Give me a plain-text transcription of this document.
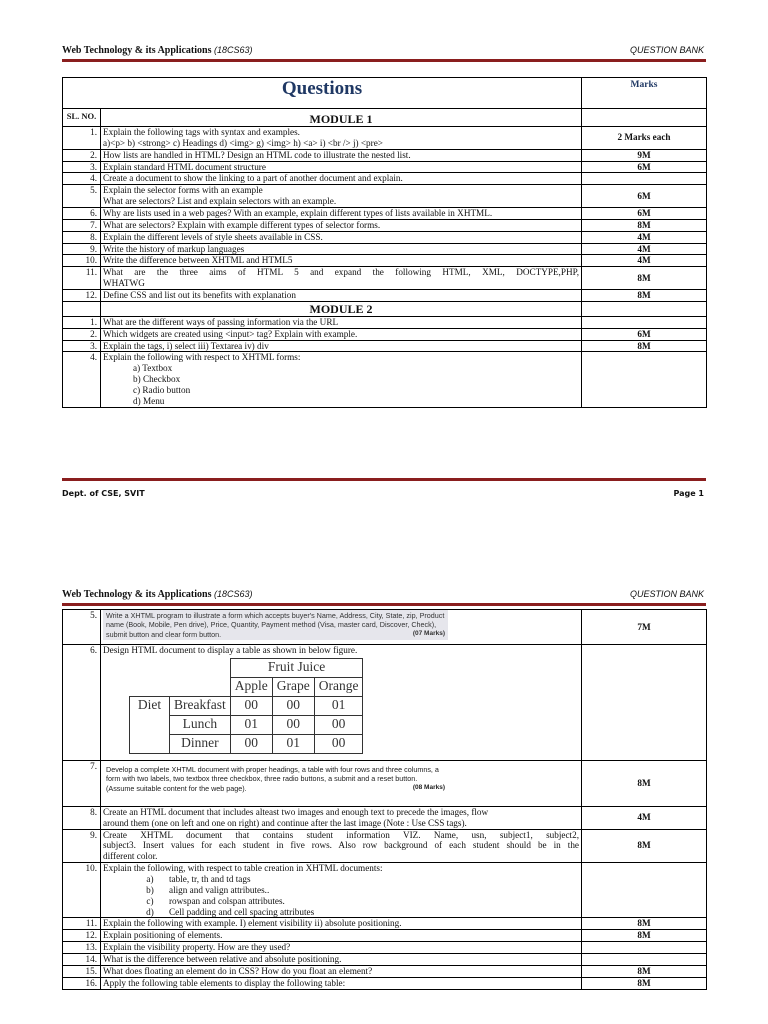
Web Technology & its Applications (18CS63)	QUESTION BANK
Questions		Marks
SL. NO.	MODULE 1	
1.	Explain the following tags with syntax and examples.
a)<p> b) <strong> c) Headings d) <img> g) <img> h) <a> i) <br /> j) <pre>	2 Marks each
2.	How lists are handled in HTML? Design an HTML code to illustrate the nested list.	9M
3.	Explain standard HTML document structure	6M
4.	Create a document to show the linking to a part of another document and explain.	

5.	Explain the selector forms with an example
What are selectors? List and explain selectors with an example.	6M
6.	Why are lists used in a web pages? With an example, explain different types of lists available in XHTML.	6M
7.	What are selectors? Explain with example different types of selector forms.	8M
8.	Explain the different levels of style sheets available in CSS.	4M
9.	Write the history of markup languages	4M
10.	Write the difference between XHTML and HTML5	4M
11.	What are the three aims of HTML 5 and expand the following HTML, XML, DOCTYPE,PHP,
WHATWG	8M
12.	Define CSS and list out its benefits with explanation	8M
	MODULE 2	
1.	What are the different ways of passing information via the URL	

2.	Which widgets are created using <input> tag? Explain with example.	6M
3.	Explain the tags, i) select iii) Textarea iv) div	8M
4.	Explain the following with respect to XHTML forms:
a) Textbox
b) Checkbox
c) Radio button
d) Menu	

Dept. of CSE, SVIT	Page 1
Web Technology & its Applications (18CS63)	QUESTION BANK
5.	Write a XHTML program to illustrate a form which accepts buyer's Name, Address, City, State, zip, Product name (Book, Mobile, Pen drive), Price, Quantity, Payment method (Visa, master card, Discover, Check), submit button and clear form button.	(07 Marks)
	7M
6.	Design HTML document to display a table as shown in below figure.
		Fruit Juice
		Apple	Grape	Orange
Diet	Breakfast	00	00	01
Lunch	01	00	00
Dinner	00	01	00

7.	Develop a complete XHTML document with proper headings, a table with four rows and three columns, a form with two labels, two textbox three checkbox, three radio buttons, a submit and a reset button. (Assume suitable content for the web page).	(08 Marks)	8M
8.	Create an HTML document that includes alteast two images and enough text to precede the images, flow
around them (one on left and one on right) and continue after the last image (Note : Use CSS tags).
	4M
9.	Create XHTML document that contains student information VIZ. Name, usn, subject1, subject2,
subject3. Insert values for each student in five rows. Also row background of each student should be in the
different color.
	8M
10.	Explain the following, with respect to table creation in XHTML documents:
a)	table, tr, th and td tags
b)	align and valign attributes..
c)	rowspan and colspan attributes.
d)	Cell padding and cell spacing attributes

11.	Explain the following with example. I) element visibility ii) absolute positioning.	8M
12.	Explain positioning of elements.	8M
13.	Explain the visibility property. How are they used?	
14.	What is the difference between relative and absolute positioning.	
15.	What does floating an element do in CSS? How do you float an element?	8M
16.	Apply the following table elements to display the following table:	8M
